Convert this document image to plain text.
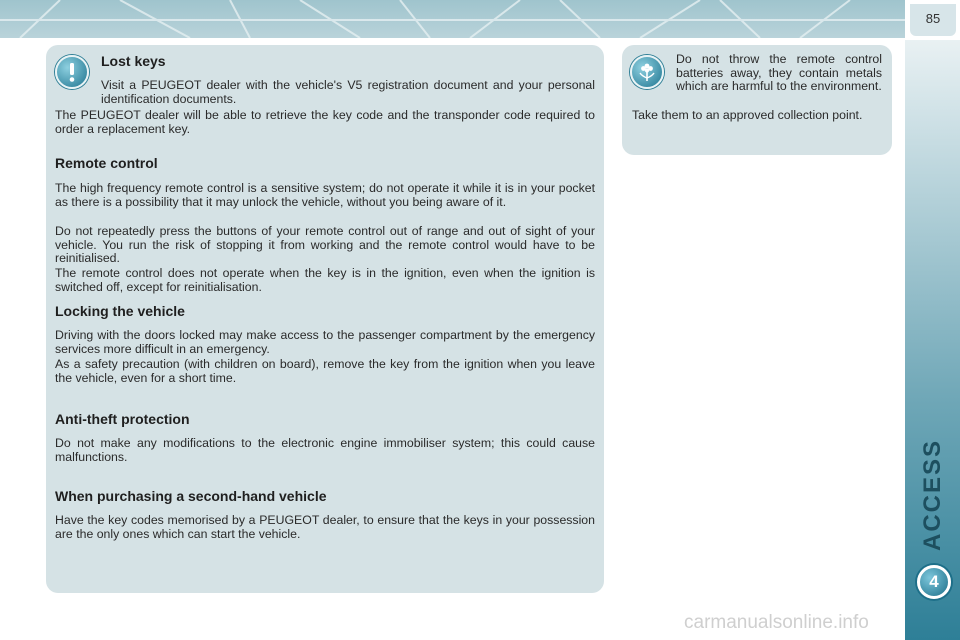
85
ACCESS
4
Lost keys
Visit a PEUGEOT dealer with the vehicle's V5 registration document and your personal identification documents.
The PEUGEOT dealer will be able to retrieve the key code and the transponder code required to order a replacement key.
Remote control
The high frequency remote control is a sensitive system; do not operate it while it is in your pocket as there is a possibility that it may unlock the vehicle, without you being aware of it.
Do not repeatedly press the buttons of your remote control out of range and out of sight of your vehicle. You run the risk of stopping it from working and the remote control would have to be reinitialised.
The remote control does not operate when the key is in the ignition, even when the ignition is switched off, except for reinitialisation.
Locking the vehicle
Driving with the doors locked may make access to the passenger compartment by the emergency services more difficult in an emergency.
As a safety precaution (with children on board), remove the key from the ignition when you leave the vehicle, even for a short time.
Anti-theft protection
Do not make any modifications to the electronic engine immobiliser system; this could cause malfunctions.
When purchasing a second-hand vehicle
Have the key codes memorised by a PEUGEOT dealer, to ensure that the keys in your possession are the only ones which can start the vehicle.
Do not throw the remote control batteries away, they contain metals which are harmful to the environment.
Take them to an approved collection point.
carmanualsonline.info
